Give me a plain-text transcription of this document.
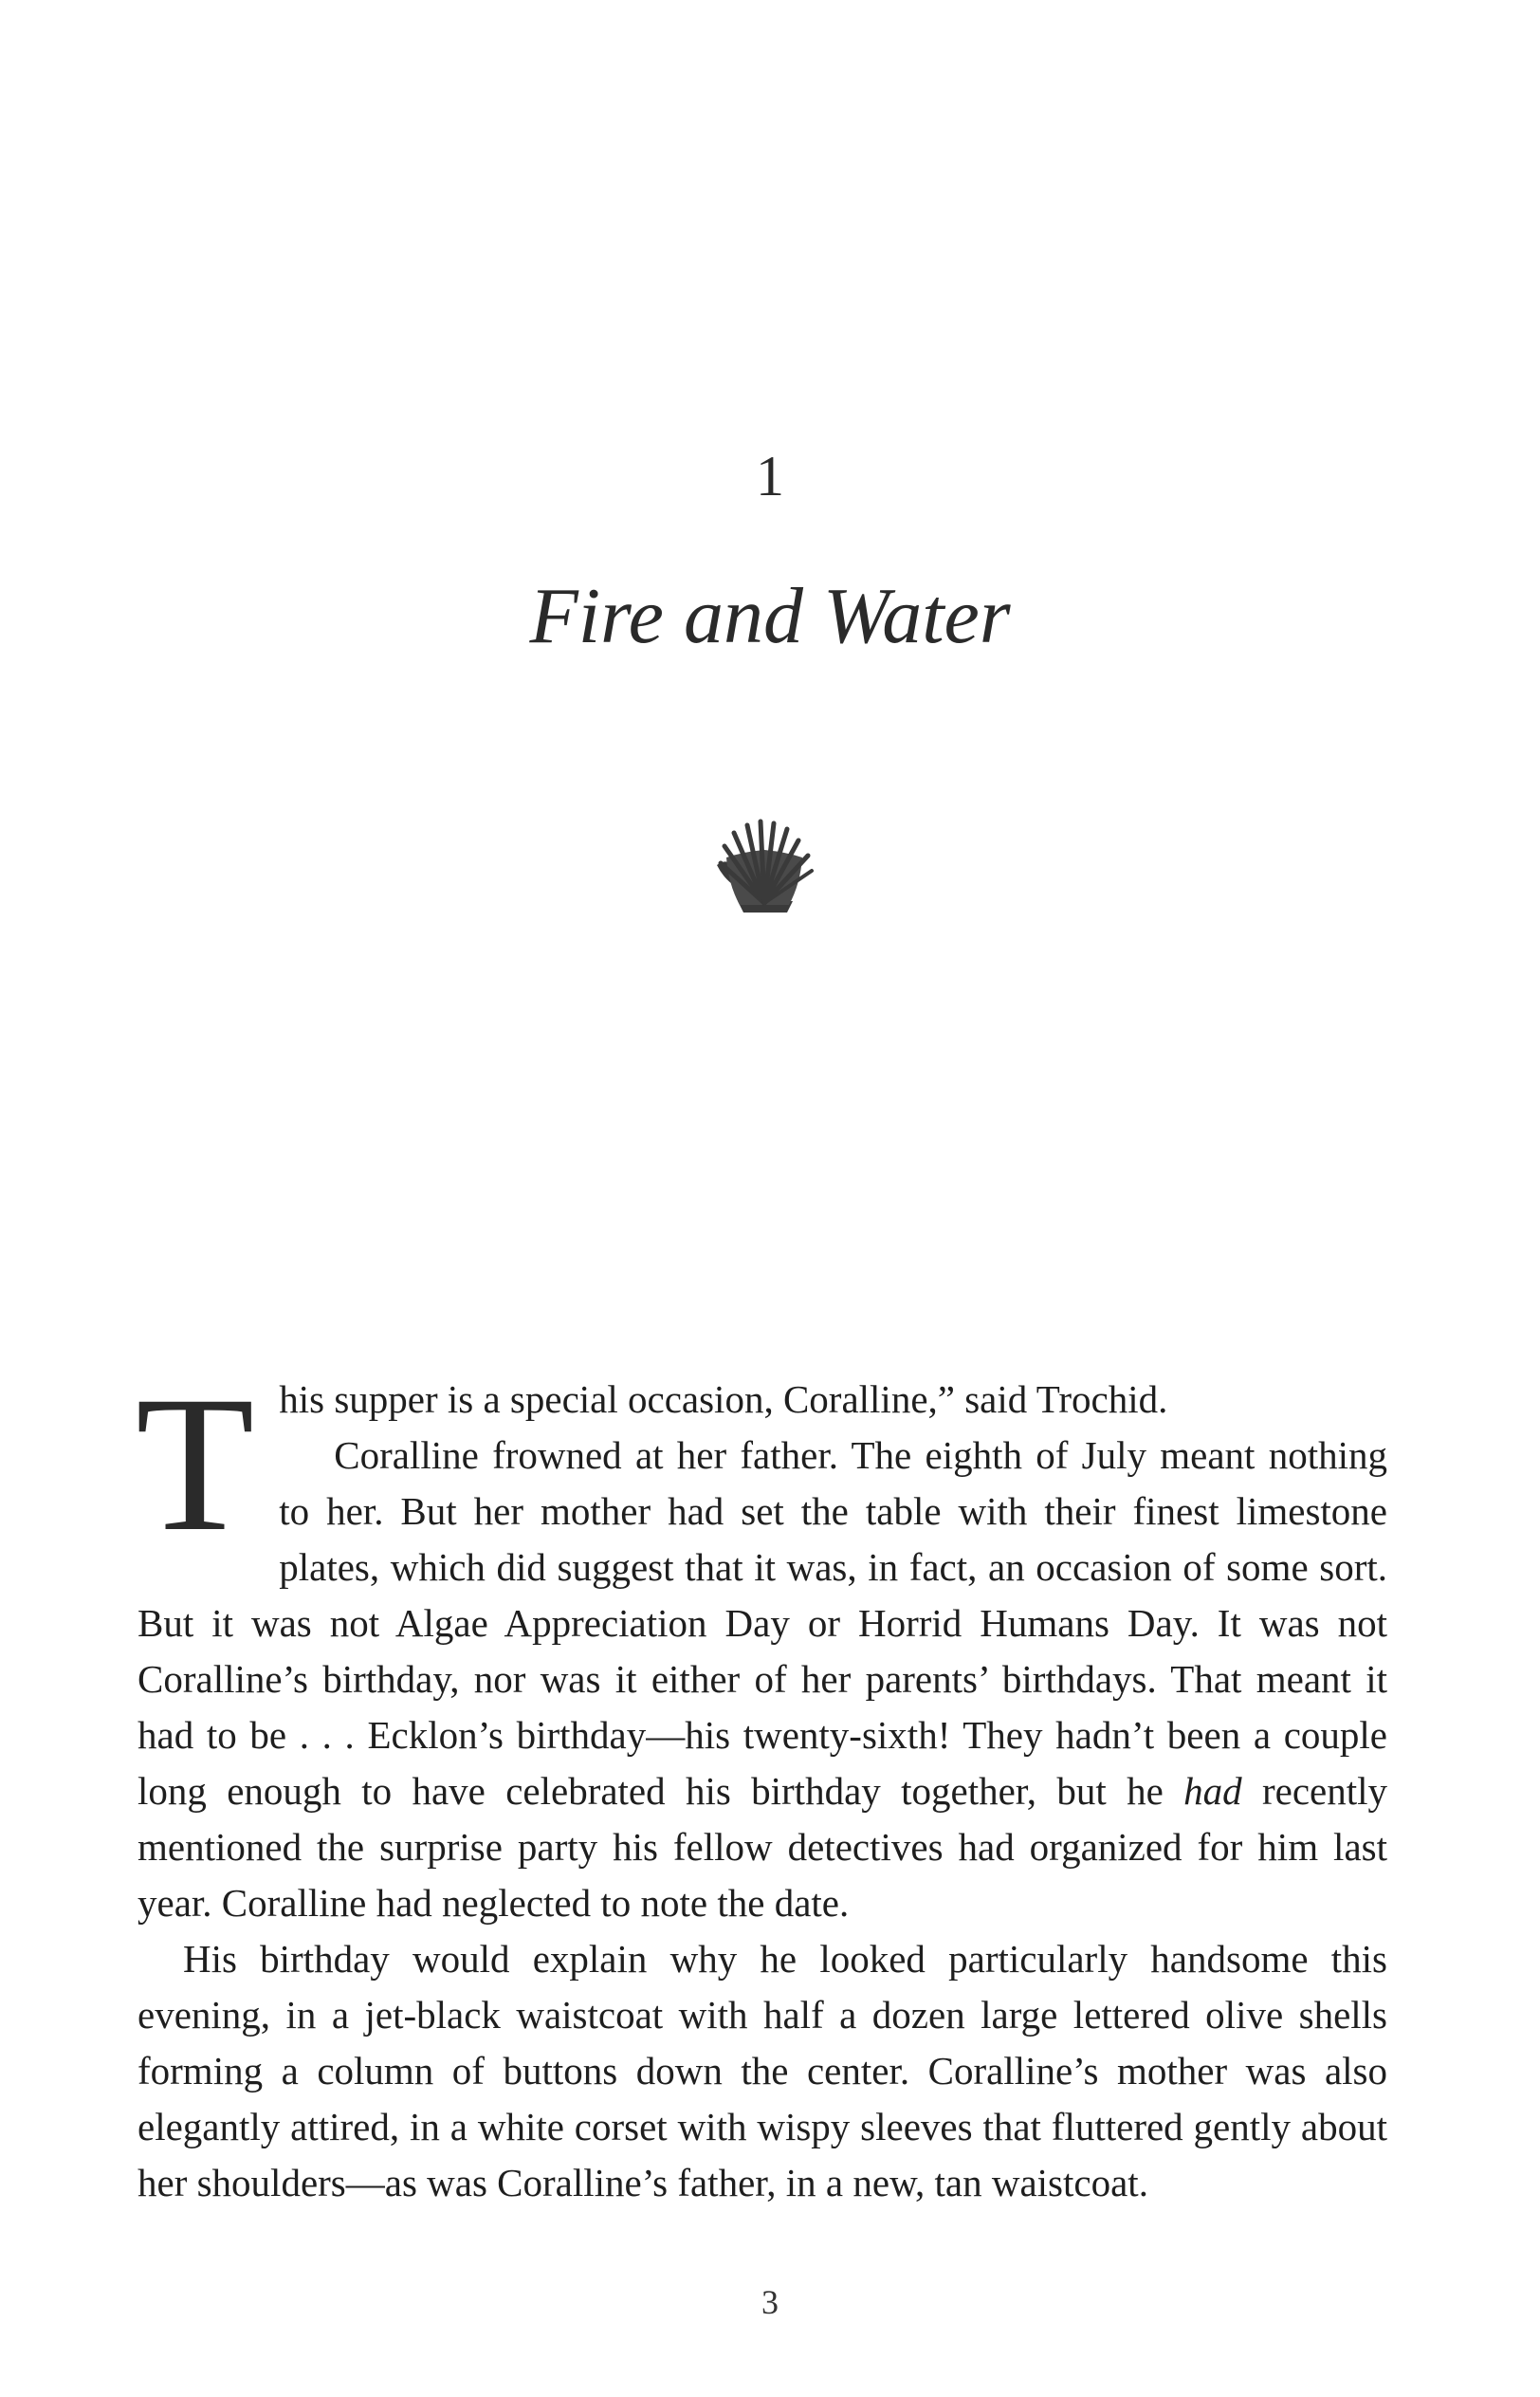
1
Fire and Water

T his supper is a special occasion, Coralline,” said Trochid.
Coralline frowned at her father. The eighth of July meant nothing to her. But her mother had set the table with their finest limestone plates, which did suggest that it was, in fact, an occasion of some sort. But it was not Algae Appreciation Day or Horrid Humans Day. It was not Coralline’s birthday, nor was it either of her parents’ birthdays. That meant it had to be . . . Ecklon’s birthday—his twenty-sixth! They hadn’t been a couple long enough to have celebrated his birthday together, but he had recently mentioned the surprise party his fellow detectives had organized for him last year. Coralline had neglected to note the date.

His birthday would explain why he looked particularly handsome this evening, in a jet-black waistcoat with half a dozen large lettered olive shells forming a column of buttons down the center. Coralline’s mother was also elegantly attired, in a white corset with wispy sleeves that fluttered gently about her shoulders—as was Coralline’s father, in a new, tan waistcoat.

3
